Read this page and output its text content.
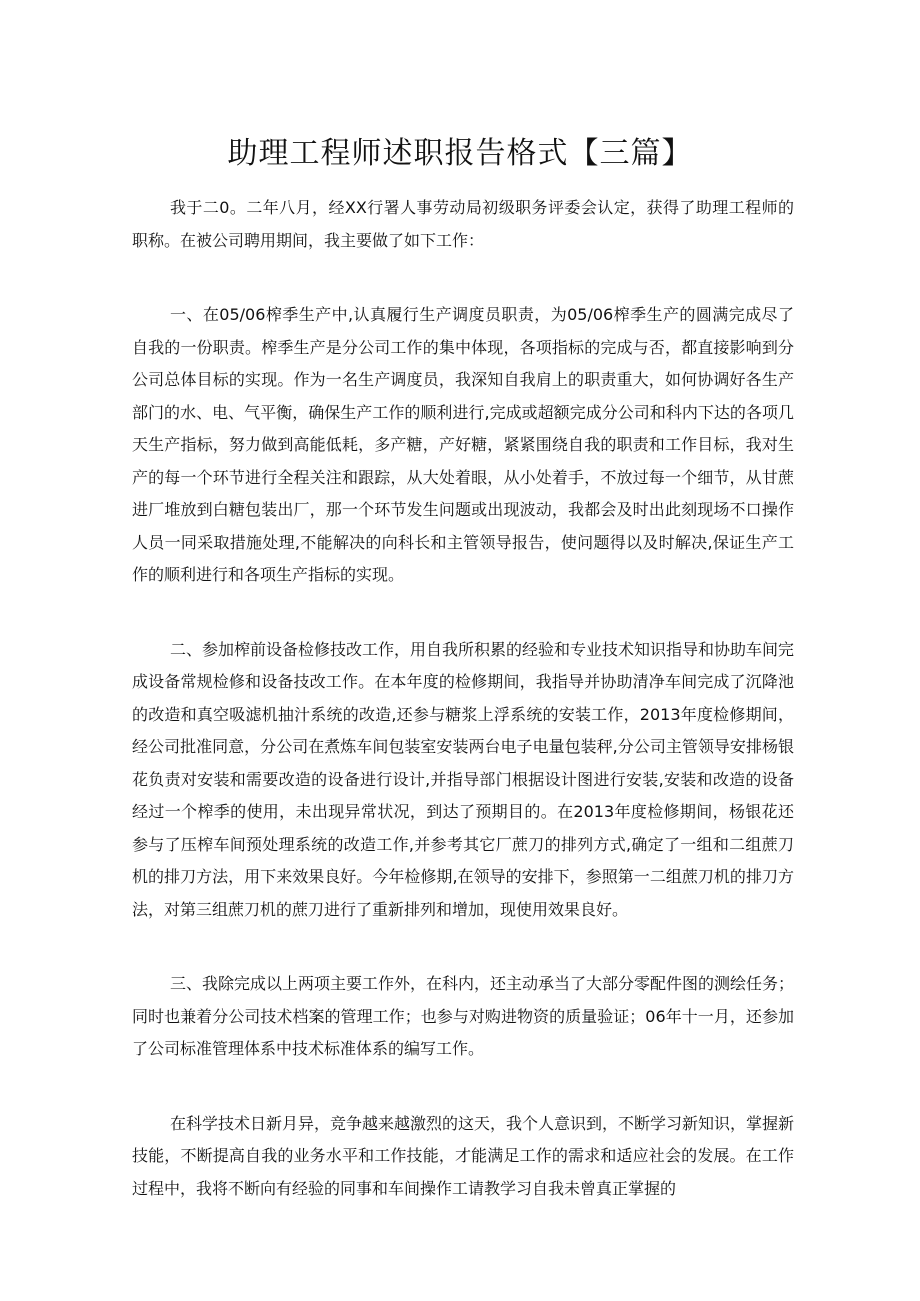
助理工程师述职报告格式【三篇】

我于二0。二年八月，经XX行署人事劳动局初级职务评委会认定，获得了助理工程师的职称。在被公司聘用期间，我主要做了如下工作：

一、在05/06榨季生产中,认真履行生产调度员职责，为05/06榨季生产的圆满完成尽了自我的一份职责。榨季生产是分公司工作的集中体现，各项指标的完成与否，都直接影响到分公司总体目标的实现。作为一名生产调度员，我深知自我肩上的职责重大，如何协调好各生产部门的水、电、气平衡，确保生产工作的顺利进行,完成或超额完成分公司和科内下达的各项几天生产指标，努力做到高能低耗，多产糖，产好糖，紧紧围绕自我的职责和工作目标，我对生产的每一个环节进行全程关注和跟踪，从大处着眼，从小处着手，不放过每一个细节，从甘蔗进厂堆放到白糖包装出厂，那一个环节发生问题或出现波动，我都会及时出此刻现场不口操作人员一同采取措施处理,不能解决的向科长和主管领导报告，使问题得以及时解决,保证生产工作的顺利进行和各项生产指标的实现。

二、参加榨前设备检修技改工作，用自我所积累的经验和专业技术知识指导和协助车间完成设备常规检修和设备技改工作。在本年度的检修期间，我指导并协助清净车间完成了沉降池的改造和真空吸滤机抽汁系统的改造,还参与糖浆上浮系统的安装工作，2013年度检修期间，经公司批准同意，分公司在煮炼车间包装室安装两台电子电量包装秤,分公司主管领导安排杨银花负责对安装和需要改造的设备进行设计,并指导部门根据设计图进行安装,安装和改造的设备经过一个榨季的使用，未出现异常状况，到达了预期目的。在2013年度检修期间，杨银花还参与了压榨车间预处理系统的改造工作,并参考其它厂蔗刀的排列方式,确定了一组和二组蔗刀机的排刀方法，用下来效果良好。今年检修期,在领导的安排下，参照第一二组蔗刀机的排刀方法，对第三组蔗刀机的蔗刀进行了重新排列和增加，现使用效果良好。

三、我除完成以上两项主要工作外，在科内，还主动承当了大部分零配件图的测绘任务；同时也兼着分公司技术档案的管理工作；也参与对购进物资的质量验证；06年十一月，还参加了公司标准管理体系中技术标准体系的编写工作。

在科学技术日新月异，竞争越来越激烈的这天，我个人意识到，不断学习新知识，掌握新技能，不断提高自我的业务水平和工作技能，才能满足工作的需求和适应社会的发展。在工作过程中，我将不断向有经验的同事和车间操作工请教学习自我未曾真正掌握的
